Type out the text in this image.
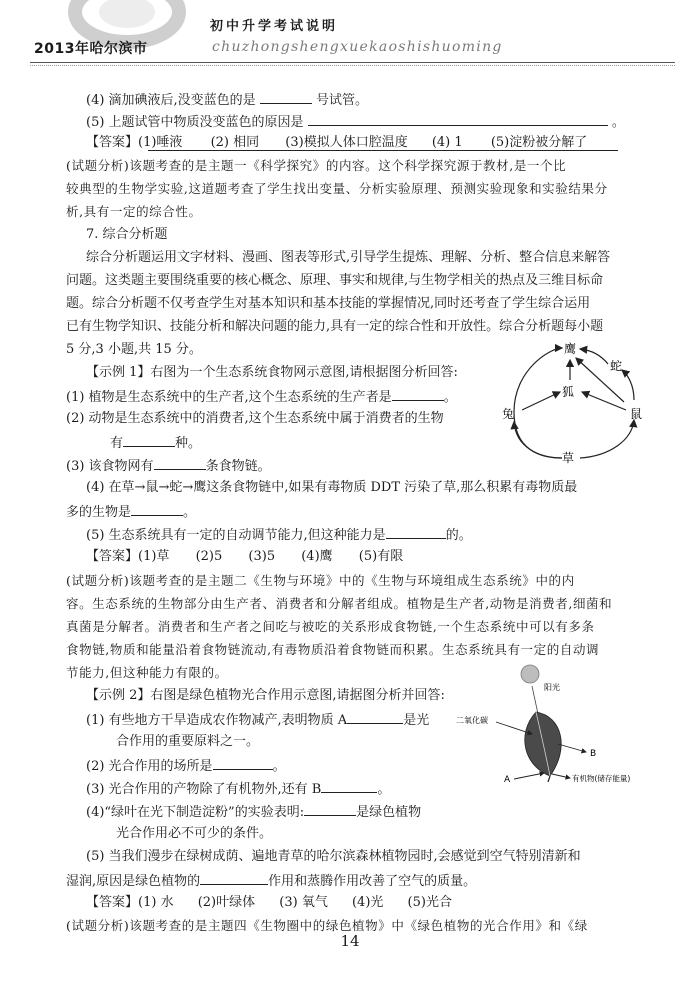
2013年哈尔滨市
初中升学考试说明
chuzhongshengxuekaoshishuoming
(4) 滴加碘液后,没变蓝色的是	号试管。
(5) 上题试管中物质没变蓝色的原因是	。
【答案】(1)唾液 (2) 相同 (3)模拟人体口腔温度 (4) 1 (5)淀粉被分解了
(试题分析)该题考查的是主题一《科学探究》的内容。这个科学探究源于教材,是一个比
较典型的生物学实验,这道题考查了学生找出变量、分析实验原理、预测实验现象和实验结果分
析,具有一定的综合性。
7. 综合分析题
综合分析题运用文字材料、漫画、图表等形式,引导学生提炼、理解、分析、整合信息来解答
问题。这类题主要围绕重要的核心概念、原理、事实和规律,与生物学相关的热点及三维目标命
题。综合分析题不仅考查学生对基本知识和基本技能的掌握情况,同时还考查了学生综合运用
已有生物学知识、技能分析和解决问题的能力,具有一定的综合性和开放性。综合分析题每小题
5 分,3 小题,共 15 分。
【示例 1】右图为一个生态系统食物网示意图,请根据图分析回答:
(1) 植物是生态系统中的生产者,这个生态系统的生产者是	。
(2) 动物是生态系统中的消费者,这个生态系统中属于消费者的生物
有	种。
(3) 该食物网有	条食物链。
(4) 在草→鼠→蛇→鹰这条食物链中,如果有毒物质 DDT 污染了草,那么积累有毒物质最
多的生物是	。
(5) 生态系统具有一定的自动调节能力,但这种能力是	的。
鹰
蛇
狐
兔	鼠
草
【答案】(1)草 (2)5 (3)5 (4)鹰 (5)有限
(试题分析)该题考查的是主题二《生物与环境》中的《生物与环境组成生态系统》中的内
容。生态系统的生物部分由生产者、消费者和分解者组成。植物是生产者,动物是消费者,细菌和
真菌是分解者。消费者和生产者之间吃与被吃的关系形成食物链,一个生态系统中可以有多条
食物链,物质和能量沿着食物链流动,有毒物质沿着食物链而积累。生态系统具有一定的自动调
节能力,但这种能力有限的。
【示例 2】右图是绿色植物光合作用示意图,请据图分析并回答:
(1) 有些地方干旱造成农作物减产,表明物质 A	是光
合作用的重要原料之一。
(2) 光合作用的场所是	。
(3) 光合作用的产物除了有机物外,还有 B	。
(4)“绿叶在光下制造淀粉”的实验表明:	是绿色植物
光合作用必不可少的条件。
(5) 当我们漫步在绿树成荫、遍地青草的哈尔滨森林植物园时,会感觉到空气特别清新和
湿润,原因是绿色植物的	作用和蒸腾作用改善了空气的质量。
阳光
二氧化碳
B
A	有机物(储存能量)
【答案】(1) 水 (2)叶绿体 (3) 氧气 (4)光 (5)光合
(试题分析)该题考查的是主题四《生物圈中的绿色植物》中《绿色植物的光合作用》和《绿
14
